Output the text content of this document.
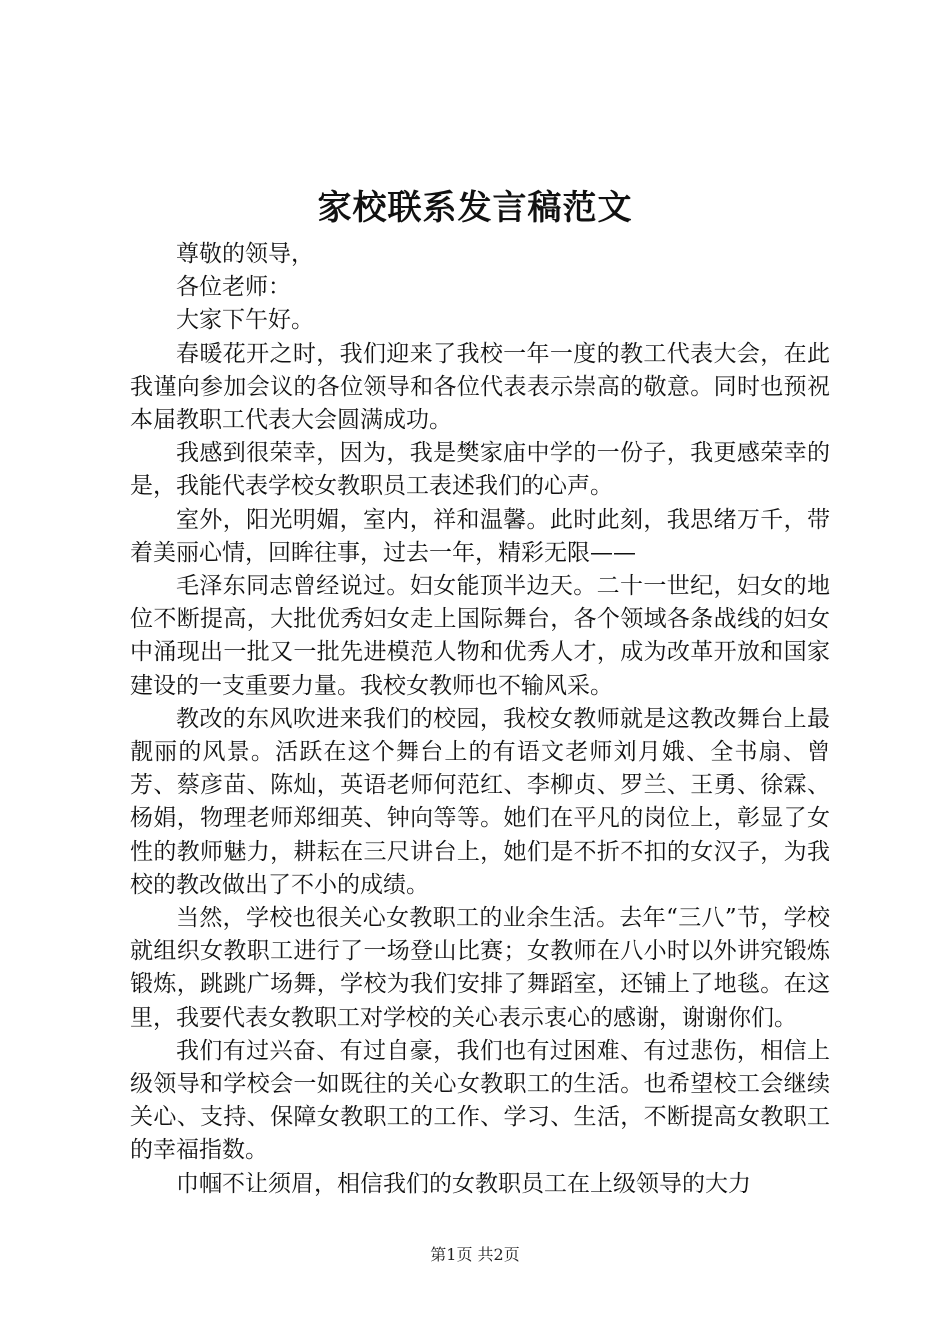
家校联系发言稿范文

尊敬的领导，

各位老师：

大家下午好。

春暖花开之时，我们迎来了我校一年一度的教工代表大会，在此我谨向参加会议的各位领导和各位代表表示崇高的敬意。同时也预祝本届教职工代表大会圆满成功。

我感到很荣幸，因为，我是樊家庙中学的一份子，我更感荣幸的是，我能代表学校女教职员工表述我们的心声。

室外，阳光明媚，室内，祥和温馨。此时此刻，我思绪万千，带着美丽心情，回眸往事，过去一年，精彩无限——

毛泽东同志曾经说过。妇女能顶半边天。二十一世纪，妇女的地位不断提高，大批优秀妇女走上国际舞台，各个领域各条战线的妇女中涌现出一批又一批先进模范人物和优秀人才，成为改革开放和国家建设的一支重要力量。我校女教师也不输风采。

教改的东风吹进来我们的校园，我校女教师就是这教改舞台上最靓丽的风景。活跃在这个舞台上的有语文老师刘月娥、全书扇、曾芳、蔡彦苗、陈灿，英语老师何范红、李柳贞、罗兰、王勇、徐霖、杨娟，物理老师郑细英、钟向等等。她们在平凡的岗位上，彰显了女性的教师魅力，耕耘在三尺讲台上，她们是不折不扣的女汉子，为我校的教改做出了不小的成绩。

当然，学校也很关心女教职工的业余生活。去年“三八”节，学校就组织女教职工进行了一场登山比赛；女教师在八小时以外讲究锻炼锻炼，跳跳广场舞，学校为我们安排了舞蹈室，还铺上了地毯。在这里，我要代表女教职工对学校的关心表示衷心的感谢，谢谢你们。

我们有过兴奋、有过自豪，我们也有过困难、有过悲伤，相信上级领导和学校会一如既往的关心女教职工的生活。也希望校工会继续关心、支持、保障女教职工的工作、学习、生活，不断提高女教职工的幸福指数。

巾帼不让须眉，相信我们的女教职员工在上级领导的大力

第1页 共2页
